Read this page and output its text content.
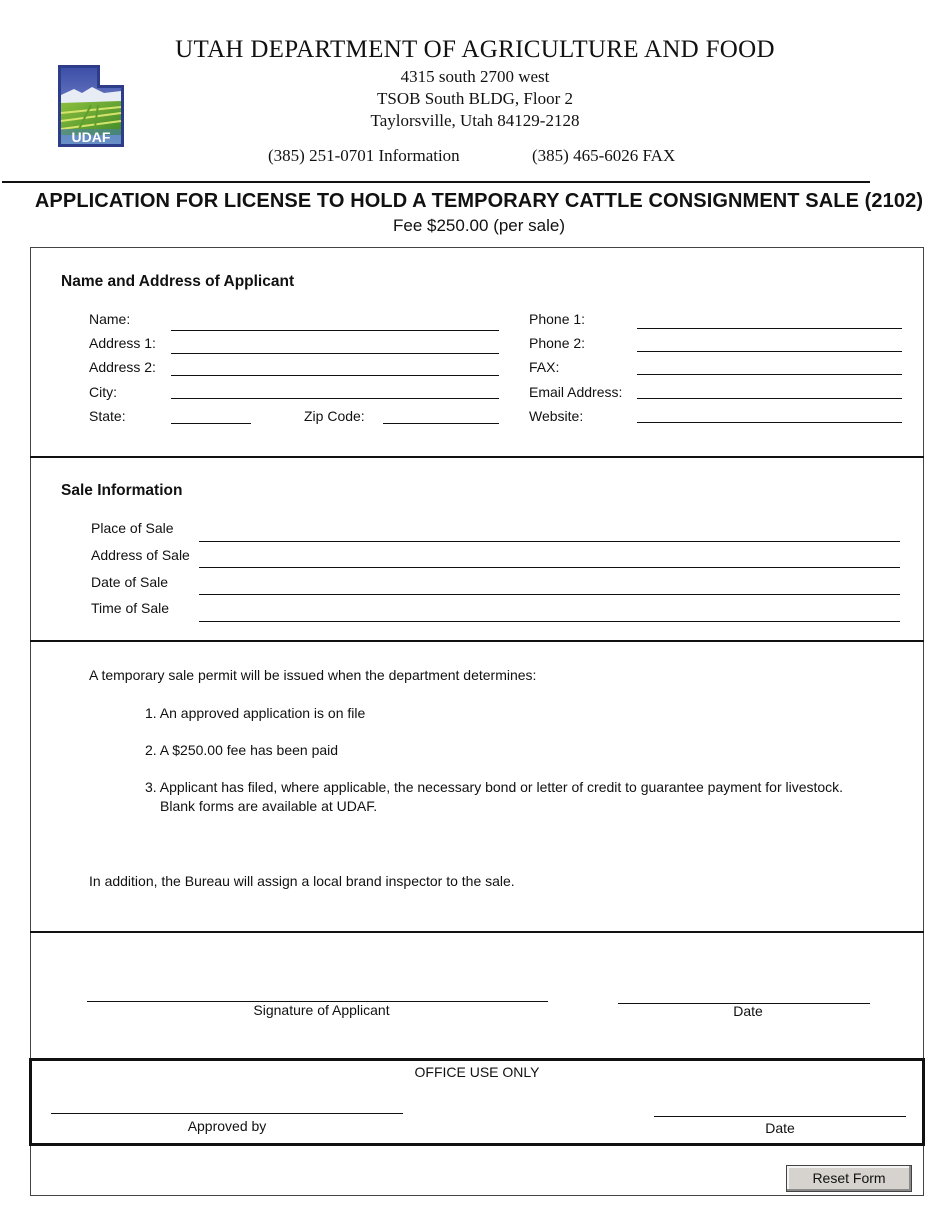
UDAF
UTAH DEPARTMENT OF AGRICULTURE AND FOOD
4315 south 2700 west
TSOB South BLDG, Floor 2
Taylorsville, Utah 84129-2128
(385) 251-0701 Information	(385) 465-6026 FAX
APPLICATION FOR LICENSE TO HOLD A TEMPORARY CATTLE CONSIGNMENT SALE (2102)
Fee $250.00 (per sale)
Name and Address of Applicant
Name:
Address 1:
Address 2:
City:
State:	Zip Code:
Phone 1:
Phone 2:
FAX:
Email Address:
Website:
Sale Information
Place of Sale
Address of Sale
Date of Sale
Time of Sale
A temporary sale permit will be issued when the department determines:
1. An approved application is on file
2. A $250.00 fee has been paid
3. Applicant has filed, where applicable, the necessary bond or letter of credit to guarantee payment for livestock.
Blank forms are available at UDAF.
In addition, the Bureau will assign a local brand inspector to the sale.
Signature of Applicant	Date
OFFICE USE ONLY
Approved by	Date
Reset Form
